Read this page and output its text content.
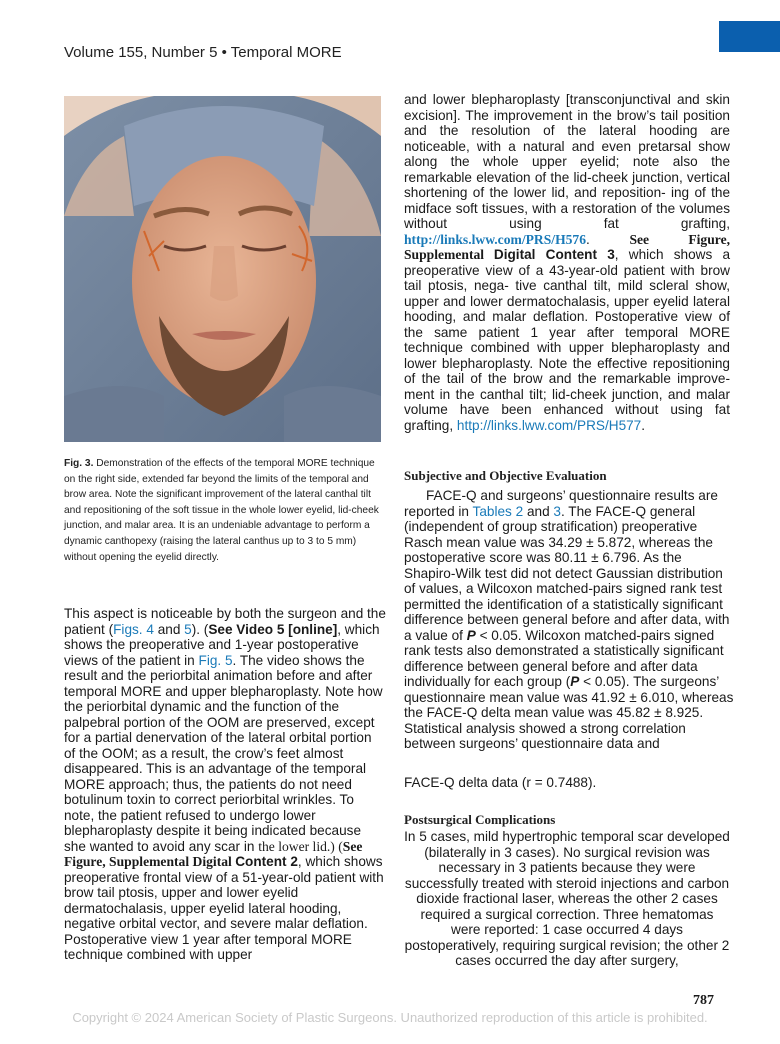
Volume 155, Number 5 • Temporal MORE
Fig. 3. Demonstration of the effects of the temporal MORE technique on the right side, extended far beyond the limits of the temporal and brow area. Note the significant improvement of the lateral canthal tilt and repositioning of the soft tissue in the whole lower eyelid, lid-cheek junction, and malar area. It is an undeniable advantage to perform a dynamic canthopexy (raising the lateral canthus up to 3 to 5 mm) without opening the eyelid directly.

This aspect is noticeable by both the surgeon and the patient (Figs. 4 and 5). (See Video 5 [online], which shows the preoperative and 1-year postoperative views of the patient in Fig. 5. The video shows the result and the periorbital animation before and after temporal MORE and upper blepharoplasty. Note how the periorbital dynamic and the function of the palpebral portion of the OOM are preserved, except for a partial denervation of the lateral orbital portion of the OOM; as a result, the crow’s feet almost disappeared. This is an advantage of the temporal MORE approach; thus, the patients do not need botulinum toxin to correct periorbital wrinkles. To note, the patient refused to undergo lower blepharoplasty despite it being indicated because she wanted to avoid any scar in the lower lid.) (See Figure, Supplemental Digital Content 2, which shows preoperative frontal view of a 51-year-old patient with brow tail ptosis, upper and lower eyelid dermatochalasis, upper eyelid lateral hooding, negative orbital vector, and severe malar deflation. Postoperative view 1 year after temporal MORE technique combined with upper

and lower blepharoplasty [transconjunctival and skin excision]. The improvement in the brow’s tail position and the resolution of the lateral hooding are noticeable, with a natural and even pretarsal show along the whole upper eyelid; note also the remarkable elevation of the lid-cheek junction, vertical shortening of the lower lid, and reposition- ing of the midface soft tissues, with a restoration of the volumes without using fat grafting, http://links.lww.com/PRS/H576. See Figure, Supplemental Digital Content 3, which shows a preoperative view of a 43-year-old patient with brow tail ptosis, nega- tive canthal tilt, mild scleral show, upper and lower dermatochalasis, upper eyelid lateral hooding, and malar deflation. Postoperative view of the same patient 1 year after temporal MORE technique combined with upper blepharoplasty and lower blepharoplasty. Note the effective repositioning of the tail of the brow and the remarkable improve- ment in the canthal tilt; lid-cheek junction, and malar volume have been enhanced without using fat grafting, http://links.lww.com/PRS/H577.

Subjective and Objective Evaluation

FACE-Q and surgeons’ questionnaire results are reported in Tables 2 and 3. The FACE-Q general (independent of group stratification) preoperative Rasch mean value was 34.29 ± 5.872, whereas the postoperative score was 80.11 ± 6.796. As the Shapiro-Wilk test did not detect Gaussian distribution of values, a Wilcoxon matched-pairs signed rank test permitted the identification of a statistically significant difference between general before and after data, with a value of P < 0.05. Wilcoxon matched-pairs signed rank tests also demonstrated a statistically significant difference between general before and after data individually for each group (P < 0.05). The surgeons’ questionnaire mean value was 41.92 ± 6.010, whereas the FACE-Q delta mean value was 45.82 ± 8.925. Statistical analysis showed a strong correlation between surgeons’ questionnaire data and

FACE-Q delta data (r = 0.7488).
Postsurgical Complications

In 5 cases, mild hypertrophic temporal scar developed (bilaterally in 3 cases). No surgical revision was necessary in 3 patients because they were successfully treated with steroid injections and carbon dioxide fractional laser, whereas the other 2 cases required a surgical correction. Three hematomas were reported: 1 case occurred 4 days postoperatively, requiring surgical revision; the other 2 cases occurred the day after surgery,

787
Copyright © 2024 American Society of Plastic Surgeons. Unauthorized reproduction of this article is prohibited.
